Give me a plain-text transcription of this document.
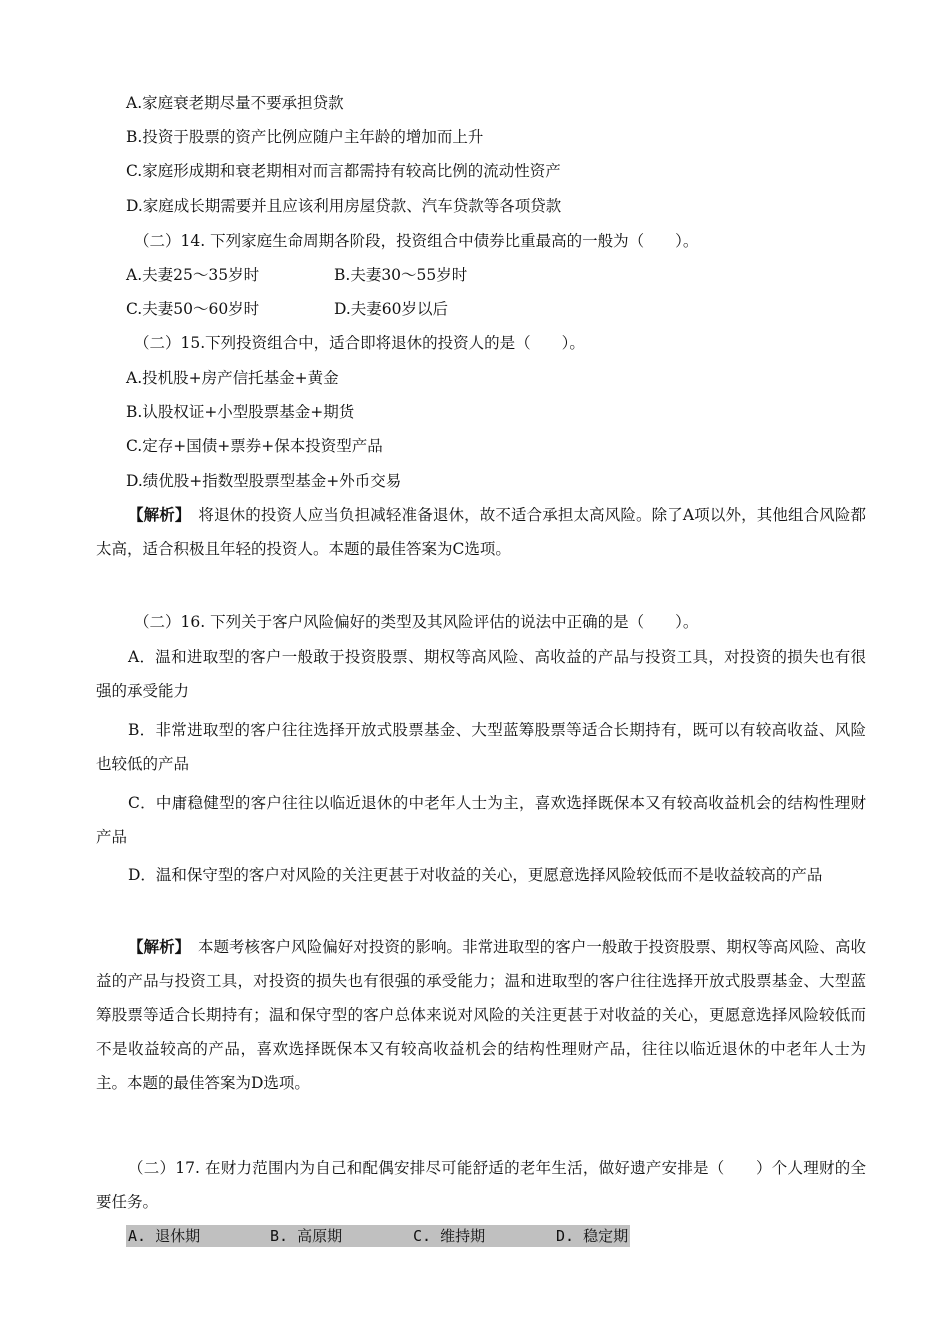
A.家庭衰老期尽量不要承担贷款
B.投资于股票的资产比例应随户主年龄的增加而上升
C.家庭形成期和衰老期相对而言都需持有较高比例的流动性资产
D.家庭成长期需要并且应该利用房屋贷款、汽车贷款等各项贷款
（二）14. 下列家庭生命周期各阶段，投资组合中债券比重最高的一般为（　　）。
A.夫妻25～35岁时	B.夫妻30～55岁时
C.夫妻50～60岁时	D.夫妻60岁以后
（二）15.下列投资组合中，适合即将退休的投资人的是（　　）。
A.投机股+房产信托基金+黄金
B.认股权证+小型股票基金+期货
C.定存+国债+票券+保本投资型产品
D.绩优股+指数型股票型基金+外币交易
【解析】　将退休的投资人应当负担减轻准备退休，故不适合承担太高风险。除了A项以外，其他组合风险都太高，适合积极且年轻的投资人。本题的最佳答案为C选项。
（二）16. 下列关于客户风险偏好的类型及其风险评估的说法中正确的是（　　）。
A．温和进取型的客户一般敢于投资股票、期权等高风险、高收益的产品与投资工具，对投资的损失也有很强的承受能力
B．非常进取型的客户往往选择开放式股票基金、大型蓝筹股票等适合长期持有，既可以有较高收益、风险也较低的产品
C．中庸稳健型的客户往往以临近退休的中老年人士为主，喜欢选择既保本又有较高收益机会的结构性理财产品
D．温和保守型的客户对风险的关注更甚于对收益的关心，更愿意选择风险较低而不是收益较高的产品
【解析】　本题考核客户风险偏好对投资的影响。非常进取型的客户一般敢于投资股票、期权等高风险、高收益的产品与投资工具，对投资的损失也有很强的承受能力；温和进取型的客户往往选择开放式股票基金、大型蓝筹股票等适合长期持有；温和保守型的客户总体来说对风险的关注更甚于对收益的关心，更愿意选择风险较低而不是收益较高的产品，喜欢选择既保本又有较高收益机会的结构性理财产品，往往以临近退休的中老年人士为主。本题的最佳答案为D选项。
（二）17. 在财力范围内为自己和配偶安排尽可能舒适的老年生活，做好遗产安排是（　　）个人理财的全要任务。
A. 退休期	B. 高原期	C. 维持期	D. 稳定期
